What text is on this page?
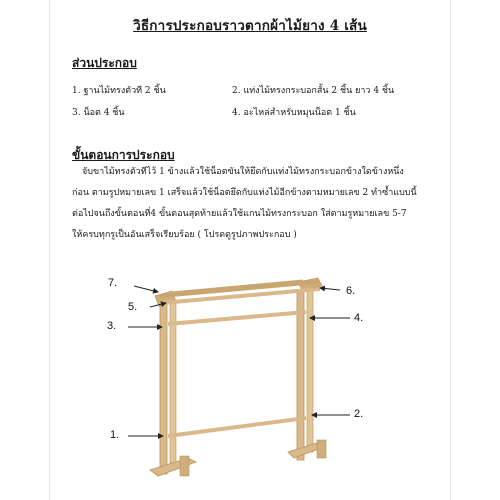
วิธีการประกอบราวตากผ้าไม้ยาง 4 เส้น
ส่วนประกอบ
1. ฐานไม้ทรงตัวที 2 ชิ้น	2. แท่งไม้ทรงกระบอกสั้น 2 ชิ้น ยาว 4 ชิ้น
3. น็อต 4 ชิ้น	4. อะไหล่สำหรับหมุนน็อต 1 ชิ้น
ขั้นตอนการประกอบ
จับขาไม้ทรงตัวทีไว้ 1 ข้างแล้วใช้น็อตขันให้ยึดกับแท่งไม้ทรงกระบอกข้างใดข้างหนึ่ง
ก่อน ตามรูปหมายเลข 1 เสร็จแล้วใช้น็อตยึดกับแท่งไม้อีกข้างตามหมายเลข 2 ทำซ้ำแบบนี้
ต่อไปจนถึงขั้นตอนที่4 ขั้นตอนสุดท้ายแล้วใช้แกนไม้ทรงกระบอก ใส่ตามรูหมายเลข 5-7
ให้ครบทุกรูเป็นอันเสร็จเรียบร้อย ( โปรดดูรูปภาพประกอบ )
7.
5.
3.
6.
4.
2.
1.
